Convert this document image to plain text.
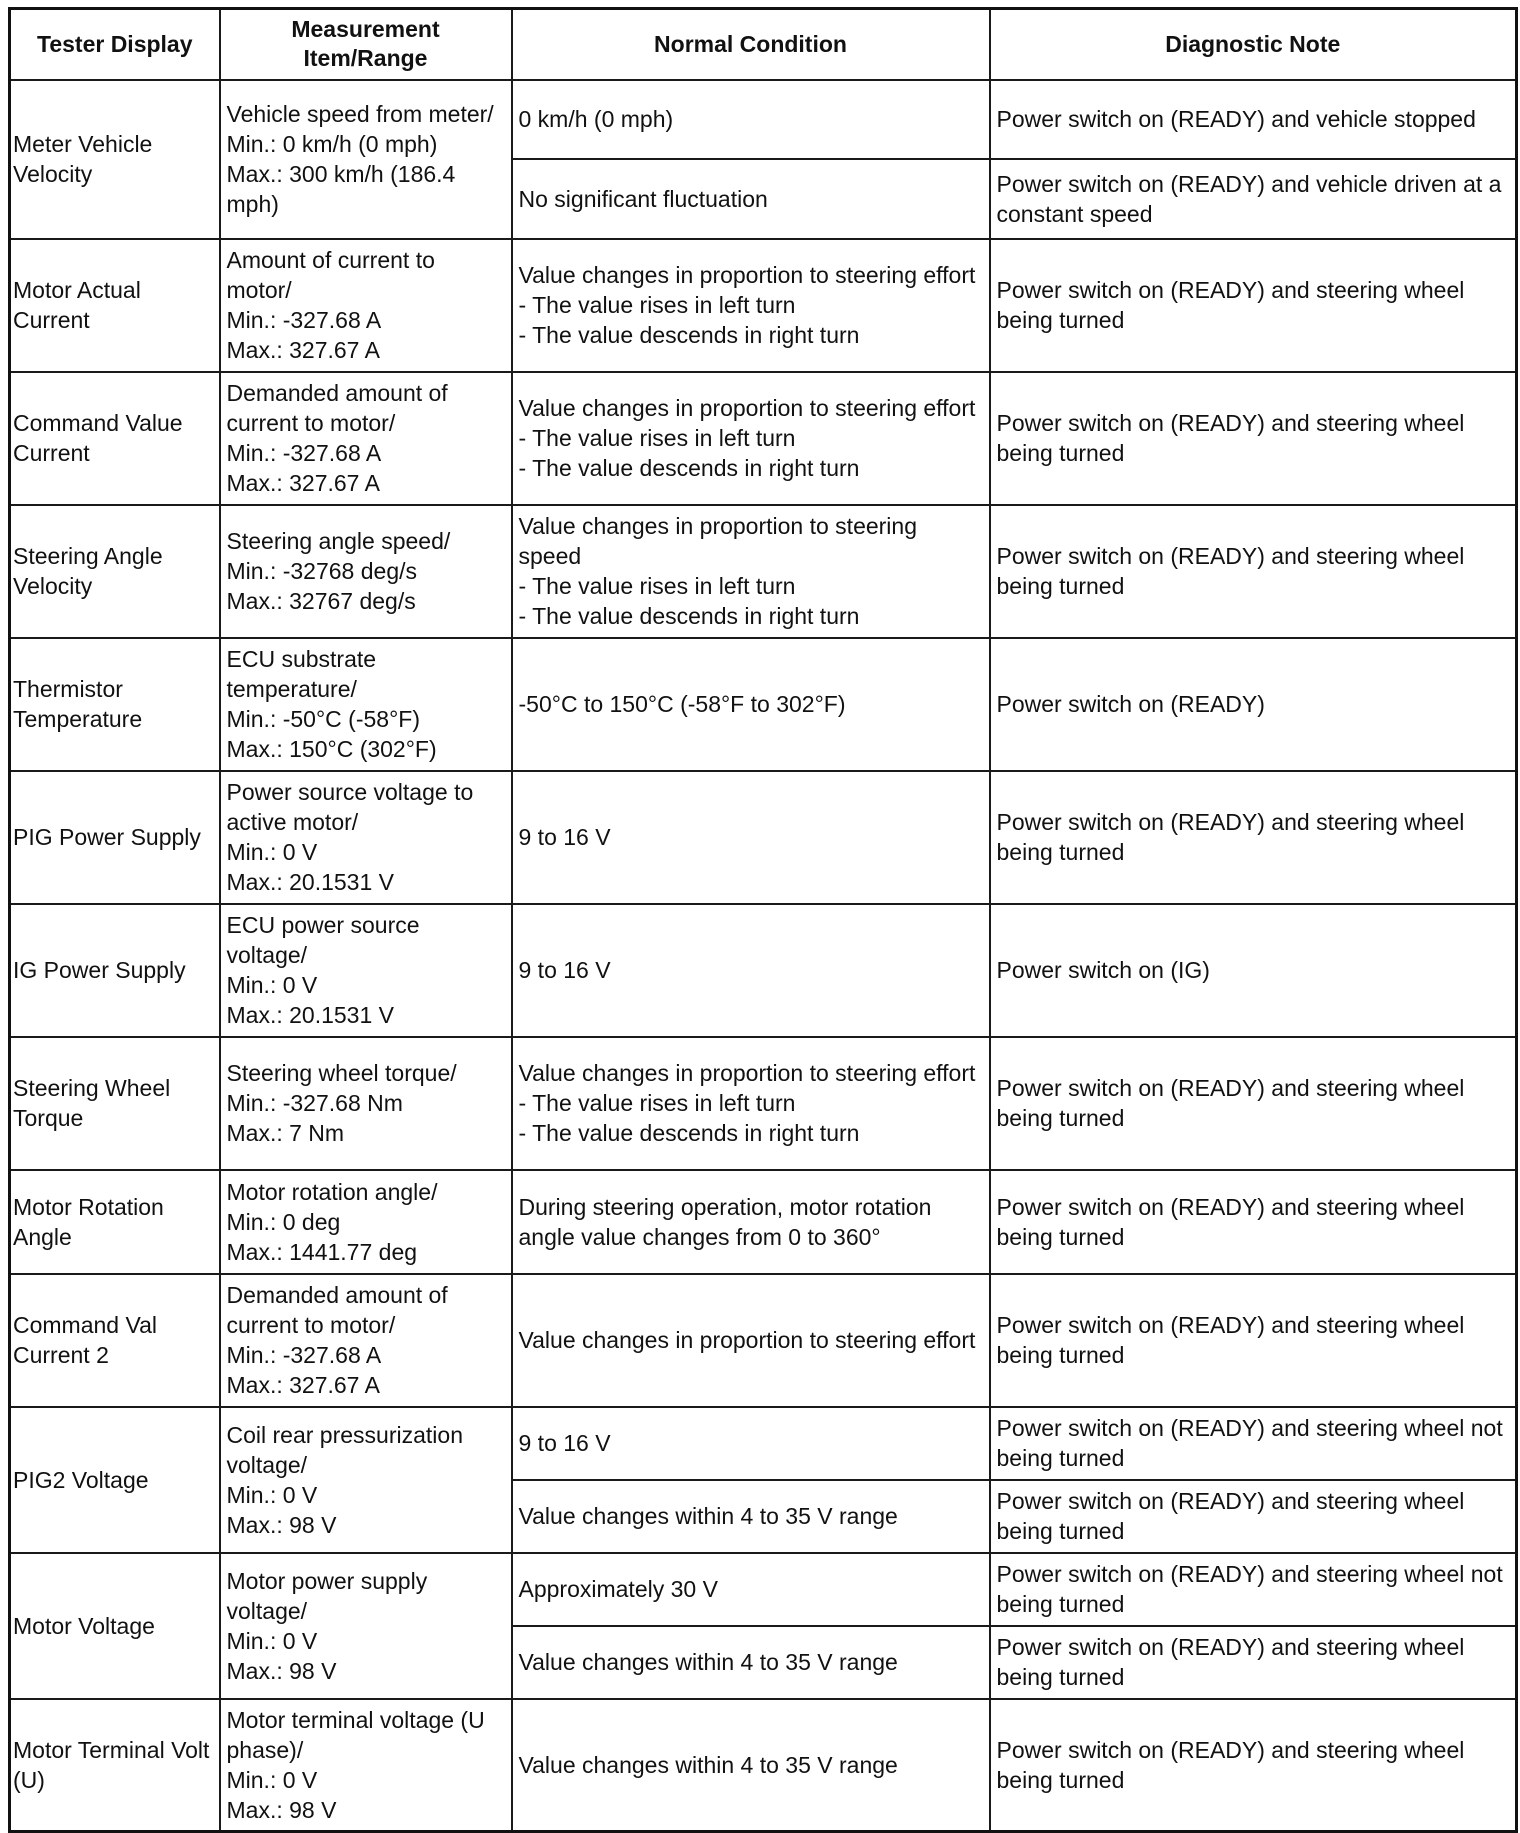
Tester Display	Measurement Item/Range	Normal Condition	Diagnostic Note
Meter Vehicle Velocity	Vehicle speed from meter/
Min.: 0 km/h (0 mph)
Max.: 300 km/h (186.4 mph)	0 km/h (0 mph)	Power switch on (READY) and vehicle stopped

		No significant fluctuation	Power switch on (READY) and vehicle driven at a constant speed
Motor Actual Current	Amount of current to motor/
Min.: -327.68 A
Max.: 327.67 A	Value changes in proportion to steering effort
- The value rises in left turn
- The value descends in right turn	Power switch on (READY) and steering wheel being turned
Command Value Current	Demanded amount of current to motor/
Min.: -327.68 A
Max.: 327.67 A	Value changes in proportion to steering effort
- The value rises in left turn
- The value descends in right turn	Power switch on (READY) and steering wheel being turned
Steering Angle Velocity	Steering angle speed/
Min.: -32768 deg/s
Max.: 32767 deg/s	Value changes in proportion to steering speed
- The value rises in left turn
- The value descends in right turn	Power switch on (READY) and steering wheel being turned
Thermistor Temperature	ECU substrate temperature/
Min.: -50°C (-58°F)
Max.: 150°C (302°F)	-50°C to 150°C (-58°F to 302°F)	Power switch on (READY)
PIG Power Supply	Power source voltage to active motor/
Min.: 0 V
Max.: 20.1531 V	9 to 16 V	Power switch on (READY) and steering wheel being turned
IG Power Supply	ECU power source voltage/
Min.: 0 V
Max.: 20.1531 V	9 to 16 V	Power switch on (IG)
Steering Wheel Torque	Steering wheel torque/
Min.: -327.68 Nm
Max.: 7 Nm	Value changes in proportion to steering effort
- The value rises in left turn
- The value descends in right turn	Power switch on (READY) and steering wheel being turned
Motor Rotation Angle	Motor rotation angle/
Min.: 0 deg
Max.: 1441.77 deg	During steering operation, motor rotation angle value changes from 0 to 360°	Power switch on (READY) and steering wheel being turned
Command Val Current 2	Demanded amount of current to motor/
Min.: -327.68 A
Max.: 327.67 A	Value changes in proportion to steering effort	Power switch on (READY) and steering wheel being turned
PIG2 Voltage	Coil rear pressurization voltage/
Min.: 0 V
Max.: 98 V	9 to 16 V	Power switch on (READY) and steering wheel not being turned

		Value changes within 4 to 35 V range	Power switch on (READY) and steering wheel being turned
Motor Voltage	Motor power supply voltage/
Min.: 0 V
Max.: 98 V	Approximately 30 V	Power switch on (READY) and steering wheel not being turned

		Value changes within 4 to 35 V range	Power switch on (READY) and steering wheel being turned
Motor Terminal Volt (U)	Motor terminal voltage (U phase)/
Min.: 0 V
Max.: 98 V	Value changes within 4 to 35 V range	Power switch on (READY) and steering wheel being turned
